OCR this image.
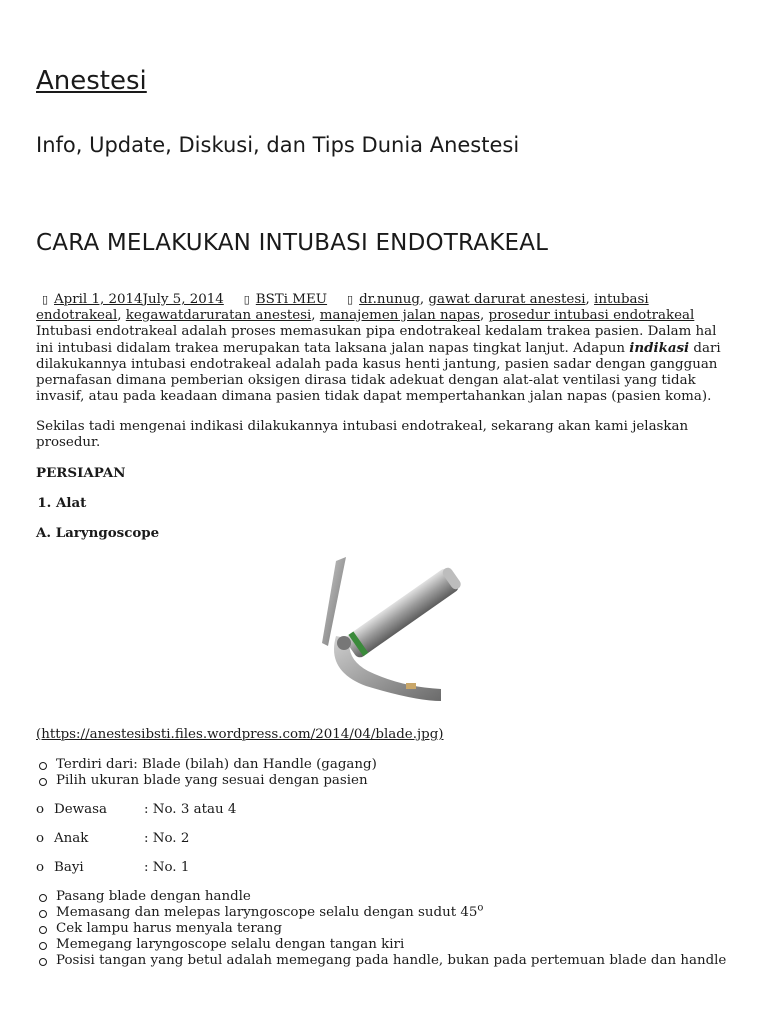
Anestesi
Info, Update, Diskusi, dan Tips Dunia Anestesi
CARA MELAKUKAN INTUBASI ENDOTRAKEAL
▯ April 1, 2014July 5, 2014 ▯ BSTi MEU ▯ dr.nunug, gawat darurat anestesi, intubasi endotrakeal, kegawatdaruratan anestesi, manajemen jalan napas, prosedur intubasi endotrakeal

Intubasi endotrakeal adalah proses memasukan pipa endotrakeal kedalam trakea pasien. Dalam hal ini intubasi didalam trakea merupakan tata laksana jalan napas tingkat lanjut. Adapun indikasi dari dilakukannya intubasi endotrakeal adalah pada kasus henti jantung, pasien sadar dengan gangguan pernafasan dimana pemberian oksigen dirasa tidak adekuat dengan alat-alat ventilasi yang tidak invasif, atau pada keadaan dimana pasien tidak dapat mempertahankan jalan napas (pasien koma).

Sekilas tadi mengenai indikasi dilakukannya intubasi endotrakeal, sekarang akan kami jelaskan prosedur.

PERSIAPAN

1. Alat

A. Laryngoscope

(https://anestesibsti.files.wordpress.com/2014/04/blade.jpg)

Terdiri dari: Blade (bilah) dan Handle (gagang)
Pilih ukuran blade yang sesuai dengan pasien
o Dewasa	: No. 3 atau 4
o Anak	: No. 2
o Bayi	: No. 1
Pasang blade dengan handle
Memasang dan melepas laryngoscope selalu dengan sudut 45$^o$
Cek lampu harus menyala terang
Memegang laryngoscope selalu dengan tangan kiri
Posisi tangan yang betul adalah memegang pada handle, bukan pada pertemuan blade dan handle
